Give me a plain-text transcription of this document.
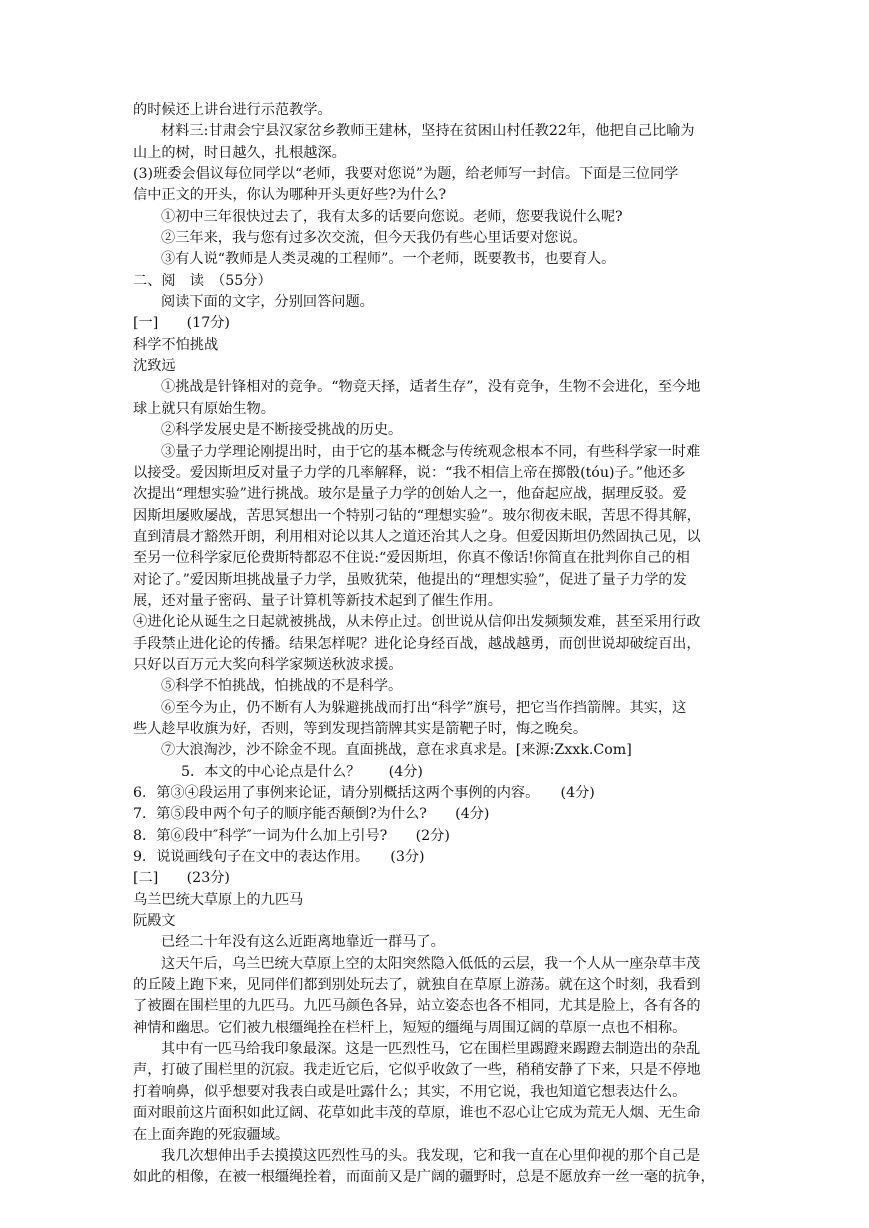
的时候还上讲台进行示范教学。
材料三:甘肃会宁县汉家岔乡教师王建林，坚持在贫困山村任教22年，他把自己比喻为
山上的树，时日越久，扎根越深。
(3)班委会倡议每位同学以“老师，我要对您说”为题，给老师写一封信。下面是三位同学
信中正文的开头，你认为哪种开头更好些?为什么?
①初中三年很快过去了，我有太多的话要向您说。老师，您要我说什么呢?
②三年来，我与您有过多次交流，但今天我仍有些心里话要对您说。
③有人说“教师是人类灵魂的工程师”。一个老师，既要教书，也要育人。
二、阅　读　（55分）
阅读下面的文字，分别回答问题。
[一]　　(17分)
科学不怕挑战
沈致远
①挑战是针锋相对的竞争。“物竞天择，适者生存”，没有竞争，生物不会进化，至今地
球上就只有原始生物。
②科学发展史是不断接受挑战的历史。
③量子力学理论刚提出时，由于它的基本概念与传统观念根本不同，有些科学家一时难
以接受。爱因斯坦反对量子力学的几率解释，说：“我不相信上帝在掷骰(tóu)子。”他还多
次提出“理想实验”进行挑战。玻尔是量子力学的创始人之一，他奋起应战，据理反驳。爱
因斯坦屡败屡战，苦思冥想出一个特别刁钻的“理想实验”。玻尔彻夜未眠，苦思不得其解，
直到清晨才豁然开朗，利用相对论以其人之道还治其人之身。但爱因斯坦仍然固执己见，以
至另一位科学家厄伦费斯特都忍不住说:“爱因斯坦，你真不像话!你简直在批判你自己的相
对论了。”爱因斯坦挑战量子力学，虽败犹荣，他提出的“理想实验”，促进了量子力学的发
展，还对量子密码、量子计算机等新技术起到了催生作用。
④进化论从诞生之日起就被挑战，从未停止过。创世说从信仰出发频频发难，甚至采用行政
手段禁止进化论的传播。结果怎样呢？进化论身经百战，越战越勇，而创世说却破绽百出，
只好以百万元大奖向科学家频送秋波求援。
⑤科学不怕挑战，怕挑战的不是科学。
⑥至今为止，仍不断有人为躲避挑战而打出“科学”旗号，把它当作挡箭牌。其实，这
些人趁早收旗为好，否则，等到发现挡箭牌其实是箭靶子时，悔之晚矣。
⑦大浪淘沙，沙不除金不现。直面挑战，意在求真求是。[来源:Zxxk.Com]
5．本文的中心论点是什么？　　(4分)
6．第③④段运用了事例来论证，请分别概括这两个事例的内容。　　(4分)
7．第⑤段申两个句子的顺序能否颠倒?为什么?　　(4分)
8．第⑥段中″科学″一词为什么加上引号?　　(2分)
9．说说画线句子在文中的表达作用。　　(3分)
[二]　　(23分)
乌兰巴统大草原上的九匹马
阮殿文
已经二十年没有这么近距离地靠近一群马了。
这天午后，乌兰巴统大草原上空的太阳突然隐入低低的云层，我一个人从一座杂草丰茂
的丘陵上跑下来，见同伴们都到别处玩去了，就独自在草原上游荡。就在这个时刻，我看到
了被圈在围栏里的九匹马。九匹马颜色各异，站立姿态也各不相同，尤其是脸上，各有各的
神情和幽思。它们被九根缰绳拴在栏杆上，短短的缰绳与周围辽阔的草原一点也不相称。
其中有一匹马给我印象最深。这是一匹烈性马，它在围栏里踢蹬来踢蹬去制造出的杂乱
声，打破了围栏里的沉寂。我走近它后，它似乎收敛了一些，稍稍安静了下来，只是不停地
打着响鼻，似乎想要对我表白或是吐露什么；其实，不用它说，我也知道它想表达什么。
面对眼前这片面积如此辽阔、花草如此丰茂的草原，谁也不忍心让它成为荒无人烟、无生命
在上面奔跑的死寂疆域。
我几次想伸出手去摸摸这匹烈性马的头。我发现，它和我一直在心里仰视的那个自己是
如此的相像，在被一根缰绳拴着，而面前又是广阔的疆野时，总是不愿放弃一丝一毫的抗争，
